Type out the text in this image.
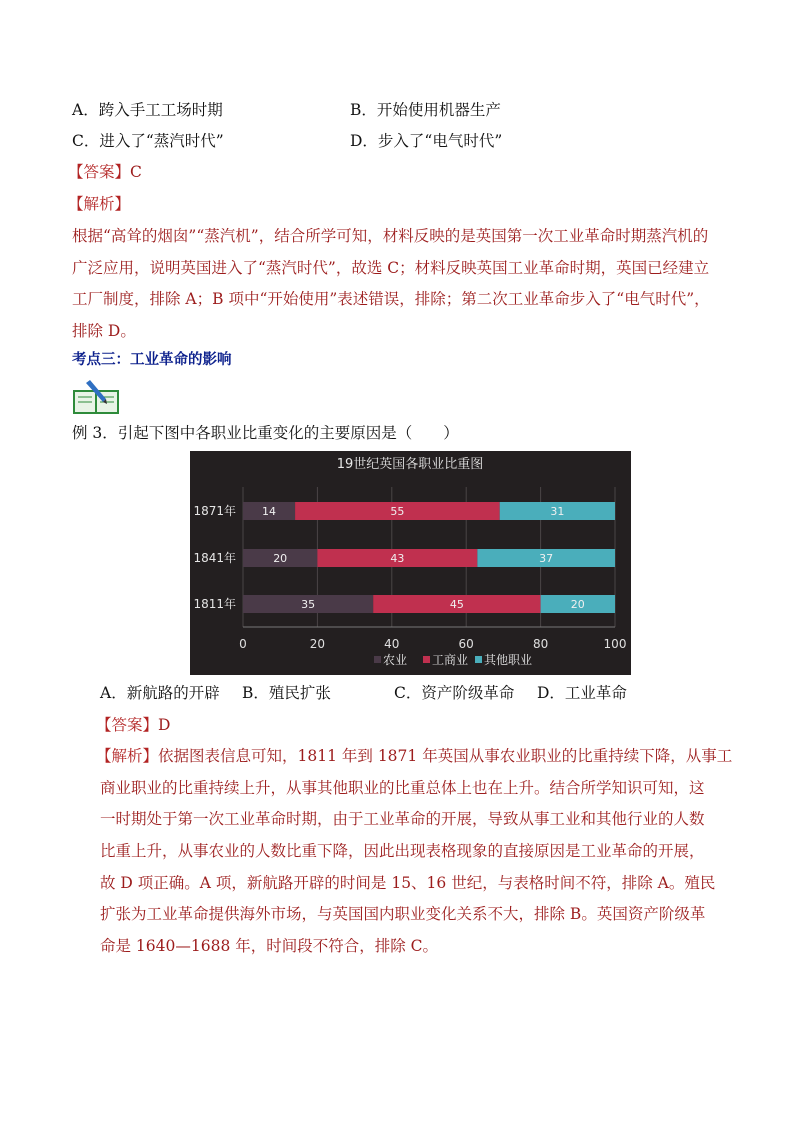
A．跨入手工工场时期	B．开始使用机器生产
C．进入了“蒸汽时代”	D．步入了“电气时代”
【答案】C
【解析】
根据“高耸的烟囱”“蒸汽机”，结合所学可知，材料反映的是英国第一次工业革命时期蒸汽机的
广泛应用，说明英国进入了“蒸汽时代”，故选 C；材料反映英国工业革命时期，英国已经建立
工厂制度，排除 A；B 项中“开始使用”表述错误，排除；第二次工业革命步入了“电气时代”，
排除 D。
考点三：工业革命的影响
例 3．引起下图中各职业比重变化的主要原因是（　　）
19世纪英国各职业比重图
14	55	31
20	43	37
35	45	20
1871年
1841年
1811年
0	20	40	60	80	100
农业 工商业 其他职业
A．新航路的开辟 B．殖民扩张	C．资产阶级革命 D．工业革命
【答案】D
【解析】依据图表信息可知，1811 年到 1871 年英国从事农业职业的比重持续下降，从事工
商业职业的比重持续上升，从事其他职业的比重总体上也在上升。结合所学知识可知，这
一时期处于第一次工业革命时期，由于工业革命的开展，导致从事工业和其他行业的人数
比重上升，从事农业的人数比重下降，因此出现表格现象的直接原因是工业革命的开展，
故 D 项正确。A 项，新航路开辟的时间是 15、16 世纪，与表格时间不符，排除 A。殖民
扩张为工业革命提供海外市场，与英国国内职业变化关系不大，排除 B。英国资产阶级革
命是 1640—1688 年，时间段不符合，排除 C。
